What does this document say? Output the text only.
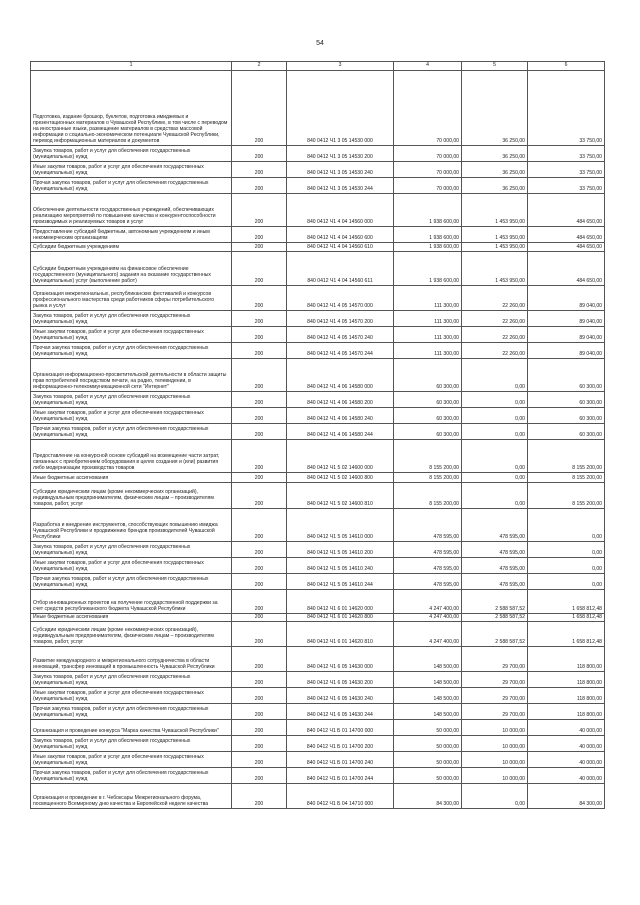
54
1	2	3	4	5	6
Подготовка, издание брошюр, буклетов, подготовка имиджевых и презентационных материалов о Чувашской Республике, в том числе с переводом на иностранные языки, размещение материалов в средствах массовой информации о социально-экономическом потенциале Чувашской Республики, перевод информационных материалов и документов	200	840 0412 Ч1 3 05 14530 000	70 000,00	36 250,00	33 750,00
Закупка товаров, работ и услуг для обеспечения государственных (муниципальных) нужд	200	840 0412 Ч1 3 05 14530 200	70 000,00	36 250,00	33 750,00
Иные закупки товаров, работ и услуг для обеспечения государственных (муниципальных) нужд	200	840 0412 Ч1 3 05 14530 240	70 000,00	36 250,00	33 750,00
Прочая закупка товаров, работ и услуг для обеспечения государственных (муниципальных) нужд	200	840 0412 Ч1 3 05 14530 244	70 000,00	36 250,00	33 750,00
Обеспечение деятельности государственных учреждений, обеспечивающих реализацию мероприятий по повышению качества и конкурентоспособности производимых и реализуемых товаров и услуг	200	840 0412 Ч1 4 04 14560 000	1 938 600,00	1 453 950,00	484 650,00
Предоставление субсидий бюджетным, автономным учреждениям и иным некоммерческим организациям	200	840 0412 Ч1 4 04 14560 600	1 938 600,00	1 453 950,00	484 650,00
Субсидии бюджетным учреждениям	200	840 0412 Ч1 4 04 14560 610	1 938 600,00	1 453 950,00	484 650,00
Субсидии бюджетным учреждениям на финансовое обеспечение государственного (муниципального) задания на оказание государственных (муниципальных) услуг (выполнение работ)	200	840 0412 Ч1 4 04 14560 611	1 938 600,00	1 453 950,00	484 650,00
Организация межрегиональных, республиканских фестивалей и конкурсов профессионального мастерства среди работников сферы потребительского рынка и услуг	200	840 0412 Ч1 4 05 14570 000	111 300,00	22 260,00	89 040,00
Закупка товаров, работ и услуг для обеспечения государственных (муниципальных) нужд	200	840 0412 Ч1 4 05 14570 200	111 300,00	22 260,00	89 040,00
Иные закупки товаров, работ и услуг для обеспечения государственных (муниципальных) нужд	200	840 0412 Ч1 4 05 14570 240	111 300,00	22 260,00	89 040,00
Прочая закупка товаров, работ и услуг для обеспечения государственных (муниципальных) нужд	200	840 0412 Ч1 4 05 14570 244	111 300,00	22 260,00	89 040,00
Организация информационно-просветительской деятельности в области защиты прав потребителей посредством печати, на радио, телевидении, в информационно-телекоммуникационной сети "Интернет"	200	840 0412 Ч1 4 06 14580 000	60 300,00	0,00	60 300,00
Закупка товаров, работ и услуг для обеспечения государственных (муниципальных) нужд	200	840 0412 Ч1 4 06 14580 200	60 300,00	0,00	60 300,00
Иные закупки товаров, работ и услуг для обеспечения государственных (муниципальных) нужд	200	840 0412 Ч1 4 06 14580 240	60 300,00	0,00	60 300,00
Прочая закупка товаров, работ и услуг для обеспечения государственных (муниципальных) нужд	200	840 0412 Ч1 4 06 14580 244	60 300,00	0,00	60 300,00
Предоставление на конкурсной основе субсидий на возмещение части затрат, связанных с приобретением оборудования в целях создания и (или) развития либо модернизации производства товаров	200	840 0412 Ч1 5 02 14600 000	8 155 200,00	0,00	8 155 200,00
Иные бюджетные ассигнования	200	840 0412 Ч1 5 02 14600 800	8 155 200,00	0,00	8 155 200,00
Субсидии юридическим лицам (кроме некоммерческих организаций), индивидуальным предпринимателям, физическим лицам – производителям товаров, работ, услуг	200	840 0412 Ч1 5 02 14600 810	8 155 200,00	0,00	8 155 200,00
Разработка и внедрение инструментов, способствующих повышению имиджа Чувашской Республики и продвижению брендов производителей Чувашской Республики	200	840 0412 Ч1 5 05 14610 000	478 595,00	478 595,00	0,00
Закупка товаров, работ и услуг для обеспечения государственных (муниципальных) нужд	200	840 0412 Ч1 5 05 14610 200	478 595,00	478 595,00	0,00
Иные закупки товаров, работ и услуг для обеспечения государственных (муниципальных) нужд	200	840 0412 Ч1 5 05 14610 240	478 595,00	478 595,00	0,00
Прочая закупка товаров, работ и услуг для обеспечения государственных (муниципальных) нужд	200	840 0412 Ч1 5 05 14610 244	478 595,00	478 595,00	0,00
Отбор инновационных проектов на получение государственной поддержки за счет средств республиканского бюджета Чувашской Республики	200	840 0412 Ч1 6 01 14620 000	4 247 400,00	2 588 587,52	1 658 812,48
Иные бюджетные ассигнования	200	840 0412 Ч1 6 01 14620 800	4 247 400,00	2 588 587,52	1 658 812,48
Субсидии юридическим лицам (кроме некоммерческих организаций), индивидуальным предпринимателям, физическим лицам – производителям товаров, работ, услуг	200	840 0412 Ч1 6 01 14620 810	4 247 400,00	2 588 587,52	1 658 812,48
Развитие международного и межрегионального сотрудничества в области инноваций, трансфер инноваций в промышленность Чувашской Республики	200	840 0412 Ч1 6 05 14630 000	148 500,00	29 700,00	118 800,00
Закупка товаров, работ и услуг для обеспечения государственных (муниципальных) нужд	200	840 0412 Ч1 6 05 14630 200	148 500,00	29 700,00	118 800,00
Иные закупки товаров, работ и услуг для обеспечения государственных (муниципальных) нужд	200	840 0412 Ч1 6 05 14630 240	148 500,00	29 700,00	118 800,00
Прочая закупка товаров, работ и услуг для обеспечения государственных (муниципальных) нужд	200	840 0412 Ч1 6 05 14630 244	148 500,00	29 700,00	118 800,00
Организация и проведение конкурса "Марка качества Чувашской Республики"	200	840 0412 Ч1 Б 01 14700 000	50 000,00	10 000,00	40 000,00
Закупка товаров, работ и услуг для обеспечения государственных (муниципальных) нужд	200	840 0412 Ч1 Б 01 14700 200	50 000,00	10 000,00	40 000,00
Иные закупки товаров, работ и услуг для обеспечения государственных (муниципальных) нужд	200	840 0412 Ч1 Б 01 14700 240	50 000,00	10 000,00	40 000,00
Прочая закупка товаров, работ и услуг для обеспечения государственных (муниципальных) нужд	200	840 0412 Ч1 Б 01 14700 244	50 000,00	10 000,00	40 000,00
Организация и проведение в г. Чебоксары Межрегионального форума, посвященного Всемирному дню качества и Европейской неделе качества	200	840 0412 Ч1 Б 04 14710 000	84 300,00	0,00	84 300,00
